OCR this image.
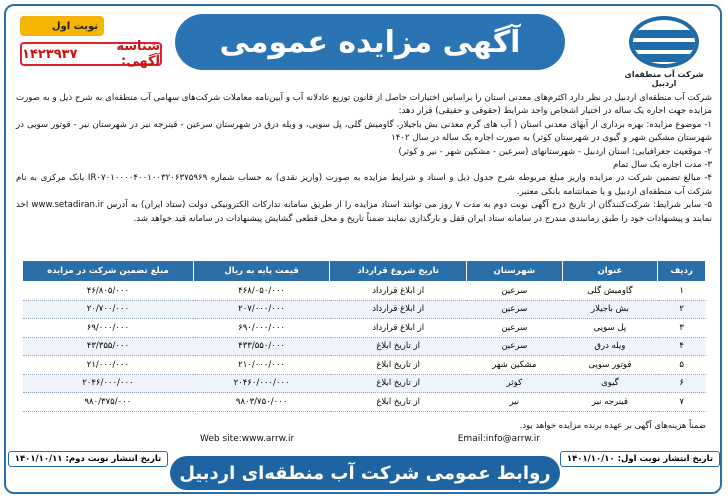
نوبت اول
شناسه آگهی:
۱۴۲۳۹۳۷	آگهی مزایده عمومی
شرکت آب منطقه‌ای اردبیل

شرکت آب منطقه‌ای اردبیل در نظر دارد اکثرم‌های معدنی استان را براساس اختیارات حاصل از قانون توزیع عادلانه آب و آیین‌نامه معاملات شرکت‌های سهامی آب منطقه‌ای به شرح ذیل و به صورت مزایده جهت اجاره یک ساله در اختیار اشخاص واجد شرایط (حقوقی و حقیقی) قرار دهد:

۱- موضوع مزایده: بهره برداری از آبهای معدنی استان ( آب های گرم معدنی بش باجیلار، گاومیش گلی، پل سویی، و ویله درق در شهرستان سرعین - قینرجه نیر در شهرستان نیر - قوتور سویی در شهرستان مشکین شهر و گیوی در شهرستان کوثر) به صورت اجاره یک ساله در سال ۱۴۰۲

۲- موقعیت جغرافیایی: استان اردبیل - شهرستانهای (سرعین - مشکین شهر - نیر و کوثر)

۳- مدت اجاره یک سال تمام

۴- مبالغ تضمین شرکت در مزایده واریز مبلغ مربوطه شرح جدول ذیل و اسناد و شرایط مزایده به صورت (واریز نقدی) به حساب شماره IR۰۷۰۱۰۰۰۰۴۰۰۱۰۰۳۲۰۶۳۷۵۹۶۹ بانک مرکزی به نام شرکت آب منطقه‌ای اردبیل و یا ضمانتنامه بانکی معتبر.

۵- سایر شرایط: شرکت‌کنندگان از تاریخ درج آگهی نوبت دوم به مدت ۷ روز می توانند اسناد مزایده را از طریق سامانه تدارکات الکترونیکی دولت (ستاد ایران) به آدرس www.setadiran.ir اخذ نمایند و پیشنهادات خود را طبق زمانبندی مندرج در سامانه ستاد ایران قفل و بارگذاری نمایند ضمناً تاریخ و محل قطعی گشایش پیشنهادات در سامانه قید خواهد شد.

ردیف	عنوان	شهرستان	تاریخ شروع قرارداد	قیمت پایه به ریال	مبلغ تضمین شرکت در مزایده
۱	گاومیش گلی	سرعین	از ابلاغ قرارداد	۴۶۸/۰۵۰/۰۰۰	۴۶/۸۰۵/۰۰۰
۲	بش باجیلار	سرعین	از ابلاغ قرارداد	۲۰۷/۰۰۰/۰۰۰	۲۰/۷۰۰/۰۰۰
۳	پل سویی	سرعین	از ابلاغ قرارداد	۶۹۰/۰۰۰/۰۰۰	۶۹/۰۰۰/۰۰۰
۴	ویله درق	سرعین	از تاریخ ابلاغ	۴۳۳/۵۵۰/۰۰۰	۴۳/۳۵۵/۰۰۰
۵	قوتور سویی	مشکین شهر	از تاریخ ابلاغ	۲۱۰/۰۰۰/۰۰۰	۲۱/۰۰۰/۰۰۰
۶	گیوی	کوثر	از تاریخ ابلاغ	۲۰۴۶۰/۰۰۰/۰۰۰	۲۰۴۶/۰۰۰/۰۰۰
۷	قینرجه نیر	نیر	از تاریخ ابلاغ	۹۸۰۳/۷۵۰/۰۰۰	۹۸۰/۳۷۵/۰۰۰
ضمناً هزینه‌های آگهی بر عهده برنده مزایده خواهد بود.
Web site:www.arrw.ir	Email:info@arrw.ir
تاریخ انتشار نوبت اول: ۱۴۰۱/۱۰/۱۰
تاریخ انتشار نوبت دوم: ۱۴۰۱/۱۰/۱۱
روابط عمومی شرکت آب منطقه‌ای اردبیل
